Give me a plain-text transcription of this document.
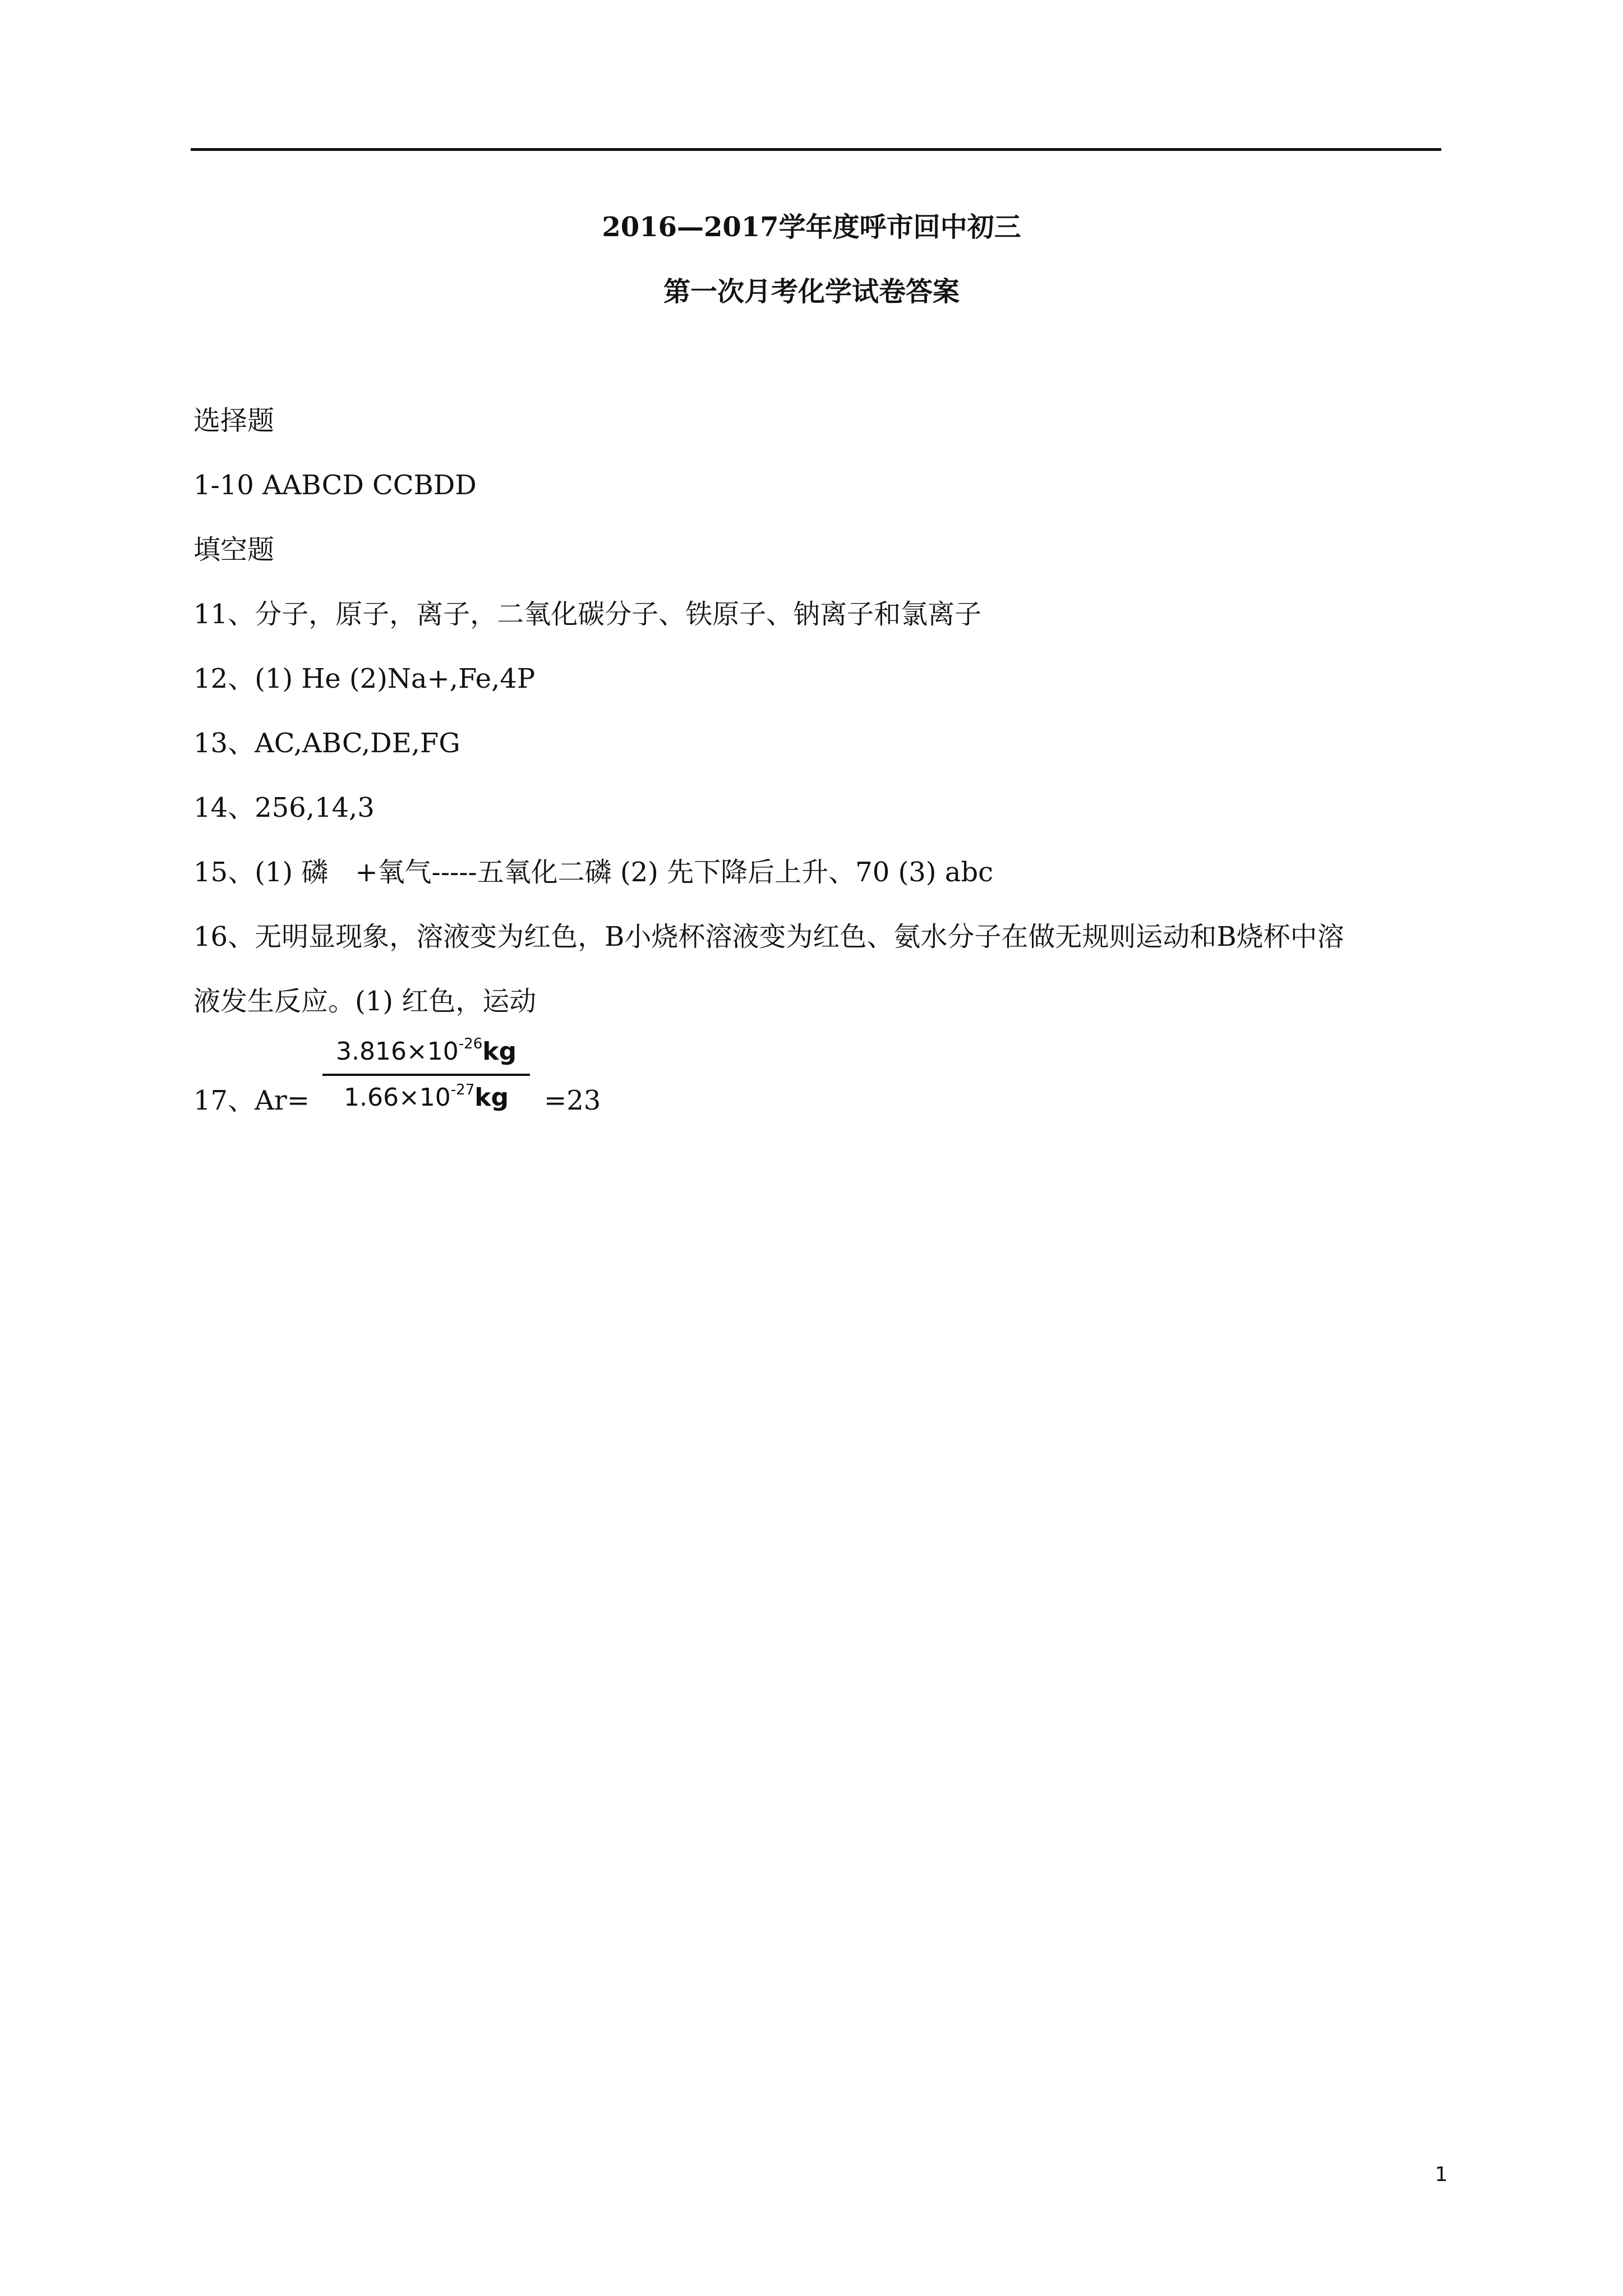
2016—2017学年度呼市回中初三
第一次月考化学试卷答案
选择题
1-10 AABCD CCBDD
填空题
11、分子，原子，离子，二氧化碳分子、铁原子、钠离子和氯离子
12、(1) He (2)Na+,Fe,4P
13、AC,ABC,DE,FG
14、256,14,3
15、(1) 磷　+氧气-----五氧化二磷 (2) 先下降后上升、70 (3) abc
16、无明显现象，溶液变为红色，B小烧杯溶液变为红色、氨水分子在做无规则运动和B烧杯中溶
液发生反应。(1) 红色，运动
17、Ar=
$3.816\times 10^{-26}kg$
$1.66\times 10^{-27}kg$	=23
1
